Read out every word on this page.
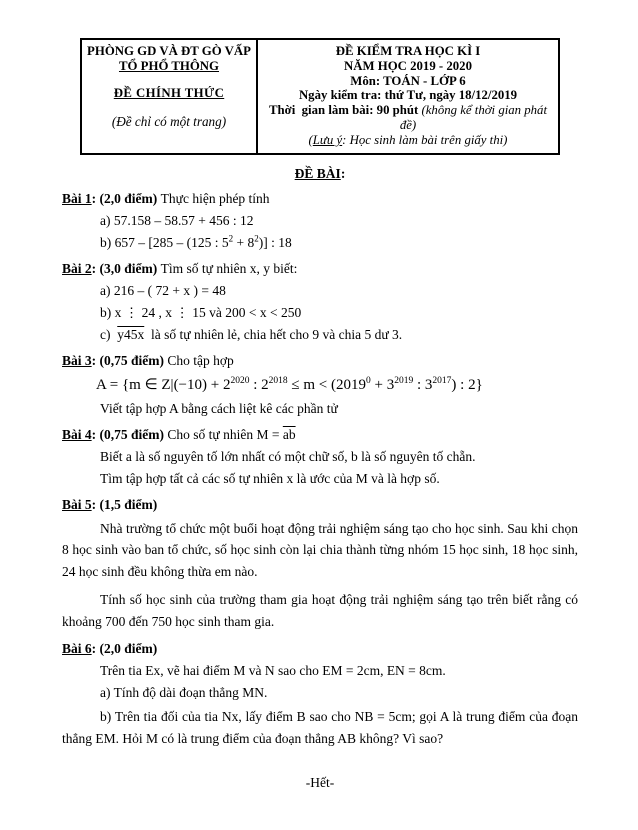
PHÒNG GD VÀ ĐT GÒ VẤP
TỔ PHỔ THÔNG
ĐỀ CHÍNH THỨC
(Đề chỉ có một trang)
ĐỀ KIỂM TRA HỌC KÌ I
NĂM HỌC 2019 - 2020
Môn: TOÁN - LỚP 6
Ngày kiểm tra: thứ Tư, ngày 18/12/2019
Thời  gian làm bài: 90 phút (không kể thời gian phát đề)
(Lưu ý: Học sinh làm bài trên giấy thi)
ĐỀ BÀI:
Bài 1: (2,0 điểm) Thực hiện phép tính
a) 57.158 – 58.57 + 456 : 12
b) 657 – [285 – (125 : $5^2 + 8^2$)] : 18
Bài 2: (3,0 điểm) Tìm số tự nhiên x, y biết:
a) 216 – ( 72 + x ) = 48
b) x ⋮ 24 , x ⋮ 15 và 200 < x < 250
c)  y45x  là số tự nhiên lẻ, chia hết cho 9 và chia 5 dư 3.
Bài 3: (0,75 điểm) Cho tập hợp
A = {m ∈ $Z|(-10) + 2^{2020}$ : $2^{2018} \le m < (2019^0 + 3^{2019}$ : $3^{2017}$) : 2}
Viết tập hợp A bằng cách liệt kê các phần tử
Bài 4: (0,75 điểm) Cho số tự nhiên $M = \overline{ab}$
Biết a là số nguyên tố lớn nhất có một chữ số, b là số nguyên tố chẵn.
Tìm tập hợp tất cả các số tự nhiên x là ước của M và là hợp số.
Bài 5: (1,5 điểm)
Nhà trường tổ chức một buổi hoạt động trải nghiệm sáng tạo cho học sinh. Sau khi chọn 8 học sinh vào ban tổ chức, số học sinh còn lại chia thành từng nhóm 15 học sinh, 18 học sinh, 24 học sinh đều không thừa em nào.
Tính số học sinh của trường tham gia hoạt động trải nghiệm sáng tạo trên biết rằng có khoảng 700 đến 750 học sinh tham gia.
Bài 6: (2,0 điểm)
Trên tia Ex, vẽ hai điểm M và N sao cho EM = 2cm, EN = 8cm.
a) Tính độ dài đoạn thẳng MN.
b) Trên tia đối của tia Nx, lấy điểm B sao cho NB = 5cm; gọi A là trung điểm của đoạn thẳng EM. Hỏi M có là trung điểm của đoạn thẳng AB không? Vì sao?
-Hết-
